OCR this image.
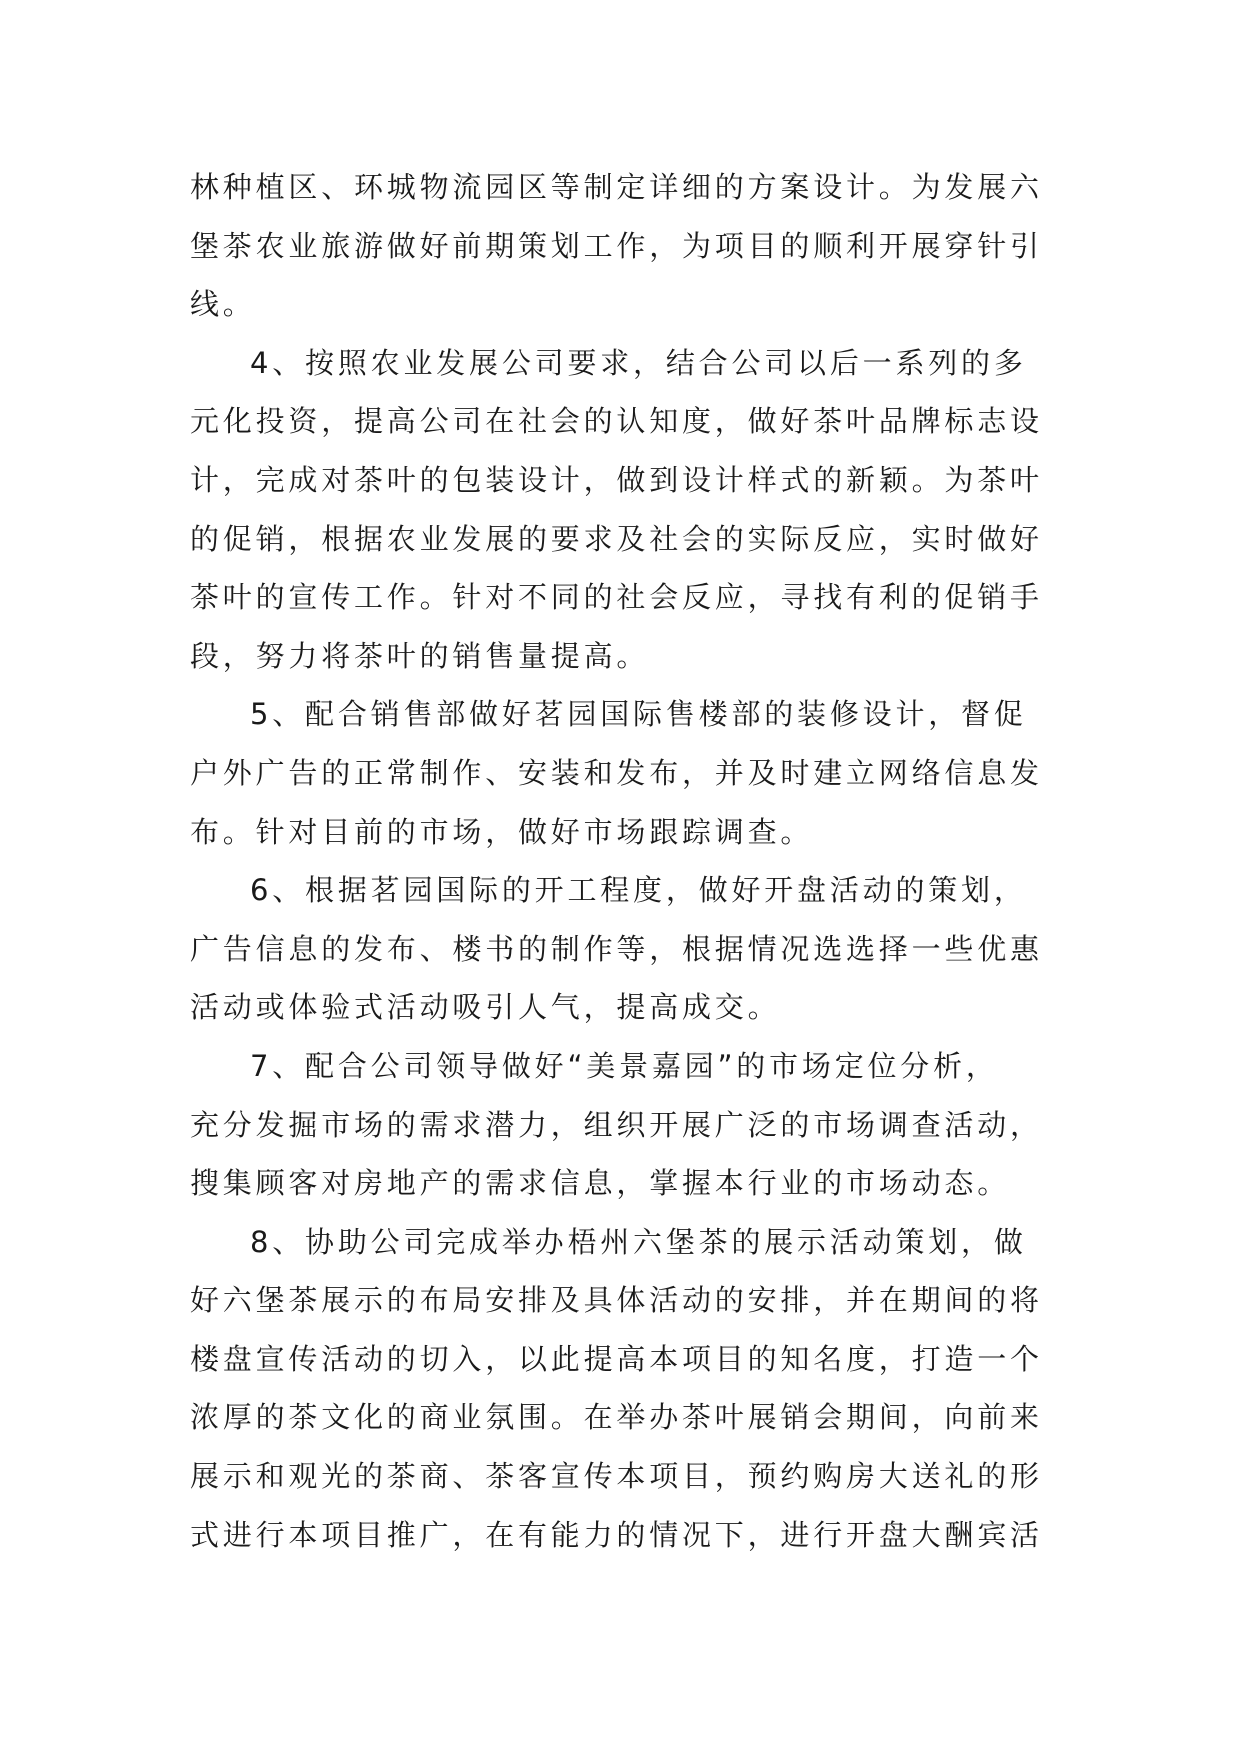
林种植区、环城物流园区等制定详细的方案设计。为发展六
堡茶农业旅游做好前期策划工作，为项目的顺利开展穿针引
线。
4、按照农业发展公司要求，结合公司以后一系列的多
元化投资，提高公司在社会的认知度，做好茶叶品牌标志设
计，完成对茶叶的包装设计，做到设计样式的新颖。为茶叶
的促销，根据农业发展的要求及社会的实际反应，实时做好
茶叶的宣传工作。针对不同的社会反应，寻找有利的促销手
段，努力将茶叶的销售量提高。
5、配合销售部做好茗园国际售楼部的装修设计，督促
户外广告的正常制作、安装和发布，并及时建立网络信息发
布。针对目前的市场，做好市场跟踪调查。
6、根据茗园国际的开工程度，做好开盘活动的策划，
广告信息的发布、楼书的制作等，根据情况选选择一些优惠
活动或体验式活动吸引人气，提高成交。
7、配合公司领导做好“美景嘉园”的市场定位分析，
充分发掘市场的需求潜力，组织开展广泛的市场调查活动，
搜集顾客对房地产的需求信息，掌握本行业的市场动态。
8、协助公司完成举办梧州六堡茶的展示活动策划，做
好六堡茶展示的布局安排及具体活动的安排，并在期间的将
楼盘宣传活动的切入，以此提高本项目的知名度，打造一个
浓厚的茶文化的商业氛围。在举办茶叶展销会期间，向前来
展示和观光的茶商、茶客宣传本项目，预约购房大送礼的形
式进行本项目推广，在有能力的情况下，进行开盘大酬宾活
